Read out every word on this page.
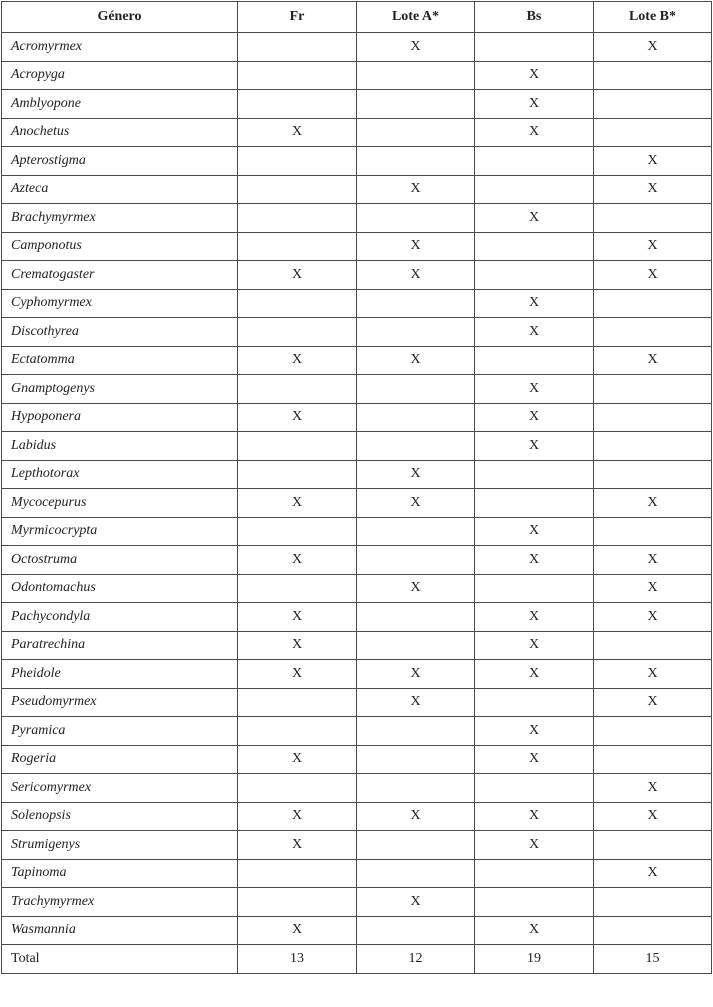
Género	Fr	Lote A*	Bs	Lote B*
Acromyrmex		X		X
Acropyga			X	
Amblyopone			X	
Anochetus	X		X	
Apterostigma				X
Azteca		X		X
Brachymyrmex			X	
Camponotus		X		X
Crematogaster	X	X		X
Cyphomyrmex			X	
Discothyrea			X	
Ectatomma	X	X		X
Gnamptogenys			X	
Hypoponera	X		X	
Labidus			X	
Lepthotorax		X		
Mycocepurus	X	X		X
Myrmicocrypta			X	
Octostruma	X		X	X
Odontomachus		X		X
Pachycondyla	X		X	X
Paratrechina	X		X	
Pheidole	X	X	X	X
Pseudomyrmex		X		X
Pyramica			X	
Rogeria	X		X	
Sericomyrmex				X
Solenopsis	X	X	X	X
Strumigenys	X		X	
Tapinoma				X
Trachymyrmex		X		
Wasmannia	X		X	
Total	13	12	19	15
